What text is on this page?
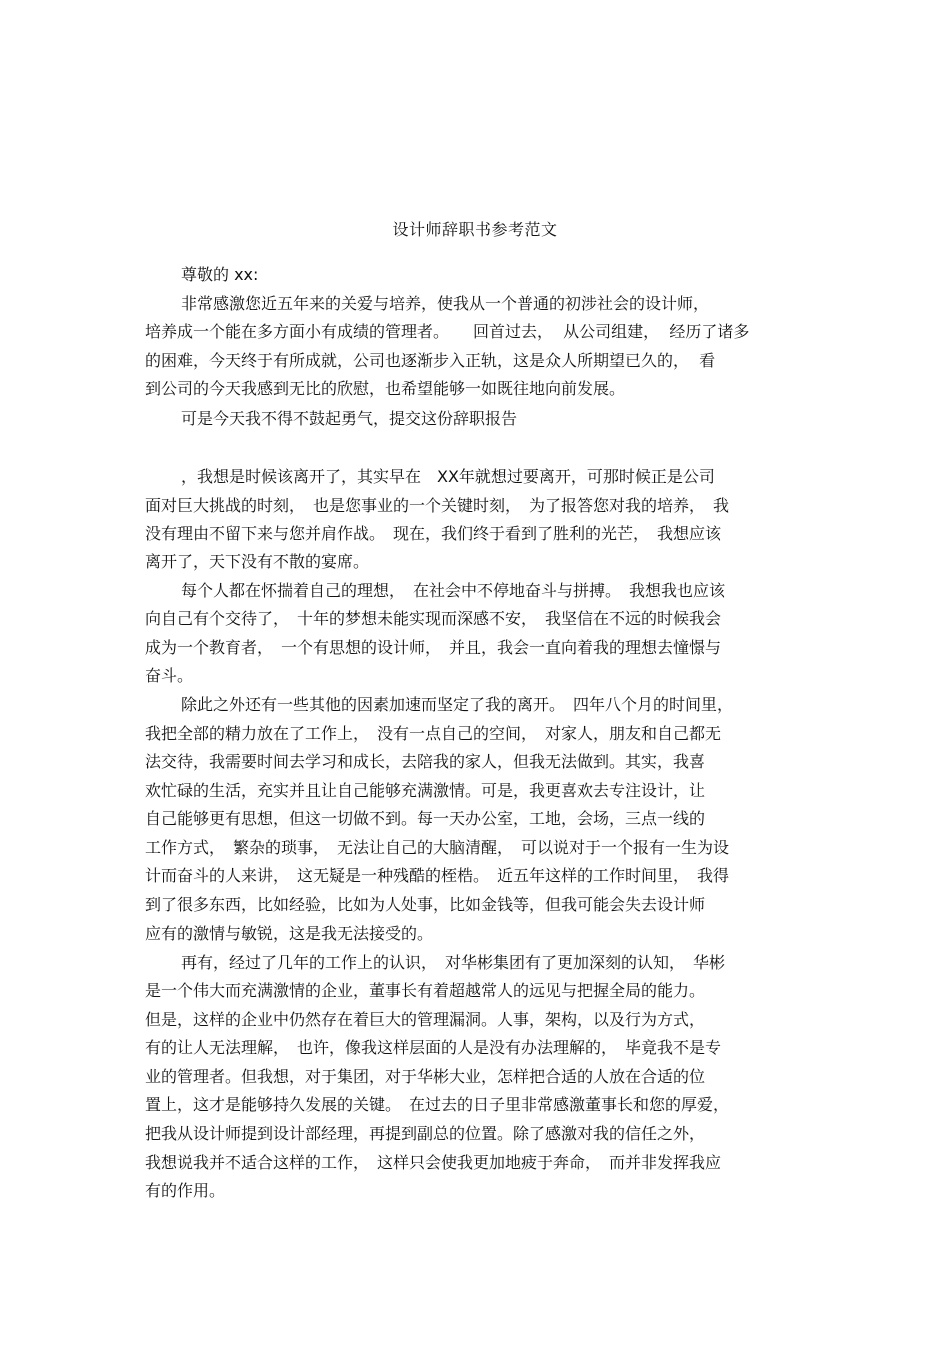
设计师辞职书参考范文
尊敬的 xx:
非常感激您近五年来的关爱与培养，使我从一个普通的初涉社会的设计师，
培养成一个能在多方面小有成绩的管理者。　　回首过去，  从公司组建，  经历了诸多
的困难，今天终于有所成就，公司也逐渐步入正轨，这是众人所期望已久的，  看
到公司的今天我感到无比的欣慰，也希望能够一如既往地向前发展。
可是今天我不得不鼓起勇气，提交这份辞职报告
，我想是时候该离开了，其实早在　XX年就想过要离开，可那时候正是公司
面对巨大挑战的时刻，　也是您事业的一个关键时刻，　为了报答您对我的培养，　我
没有理由不留下来与您并肩作战。　现在，我们终于看到了胜利的光芒，　我想应该
离开了，天下没有不散的宴席。
每个人都在怀揣着自己的理想，　在社会中不停地奋斗与拼搏。　我想我也应该
向自己有个交待了，　十年的梦想未能实现而深感不安，　我坚信在不远的时候我会
成为一个教育者，　一个有思想的设计师，　并且，我会一直向着我的理想去憧憬与
奋斗。
除此之外还有一些其他的因素加速而坚定了我的离开。　四年八个月的时间里，
我把全部的精力放在了工作上，　没有一点自己的空间，　对家人，朋友和自己都无
法交待，我需要时间去学习和成长，去陪我的家人，但我无法做到。其实，我喜
欢忙碌的生活，充实并且让自己能够充满激情。可是，我更喜欢去专注设计，让
自己能够更有思想，但这一切做不到。每一天办公室，工地，会场，三点一线的
工作方式，　繁杂的琐事，　无法让自己的大脑清醒，　可以说对于一个报有一生为设
计而奋斗的人来讲，　这无疑是一种残酷的桎梏。　近五年这样的工作时间里，　我得
到了很多东西，比如经验，比如为人处事，比如金钱等，但我可能会失去设计师
应有的激情与敏锐，这是我无法接受的。
再有，经过了几年的工作上的认识，　对华彬集团有了更加深刻的认知，　华彬
是一个伟大而充满激情的企业，董事长有着超越常人的远见与把握全局的能力。
但是，这样的企业中仍然存在着巨大的管理漏洞。人事，架构，以及行为方式，
有的让人无法理解，　也许，像我这样层面的人是没有办法理解的，　毕竟我不是专
业的管理者。但我想，对于集团，对于华彬大业，怎样把合适的人放在合适的位
置上，这才是能够持久发展的关键。　在过去的日子里非常感激董事长和您的厚爱，
把我从设计师提到设计部经理，再提到副总的位置。除了感激对我的信任之外，
我想说我并不适合这样的工作，　这样只会使我更加地疲于奔命，　而并非发挥我应
有的作用。
